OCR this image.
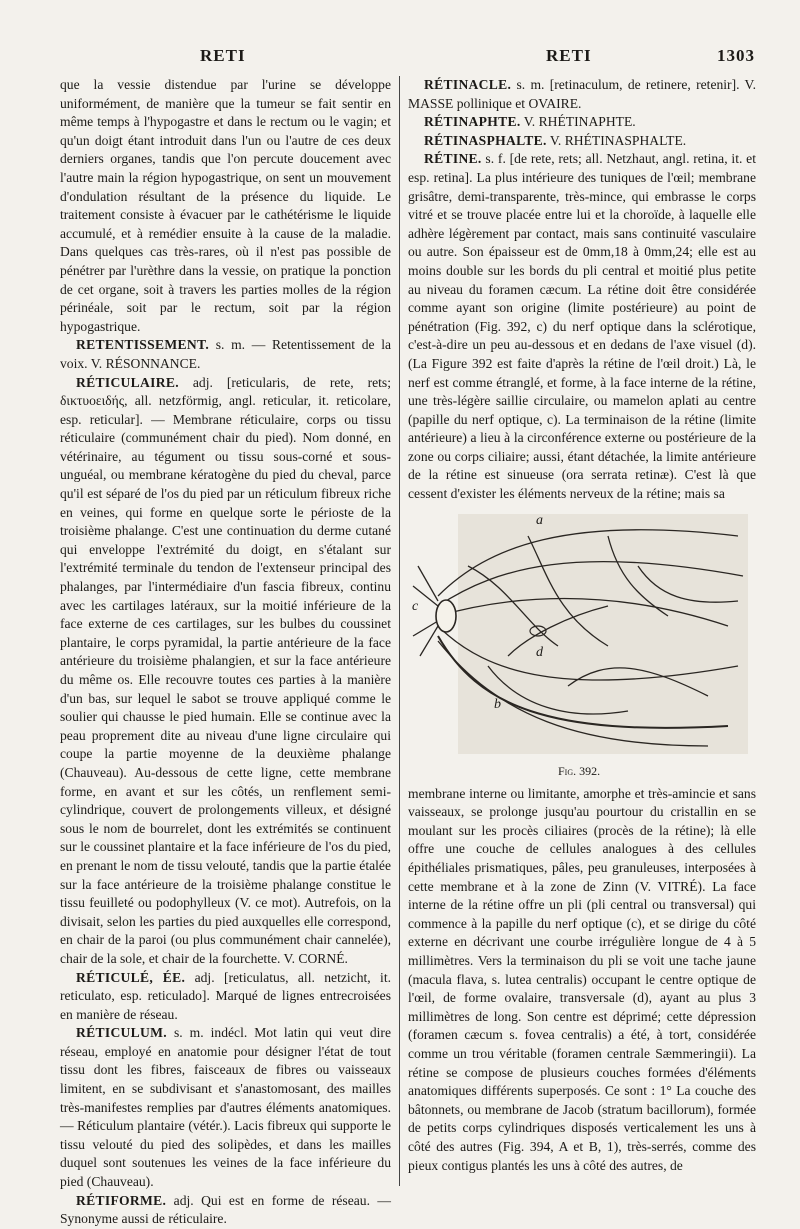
RETI	RETI	1303

que la vessie distendue par l'urine se développe uniformément, de manière que la tumeur se fait sentir en même temps à l'hypogastre et dans le rectum ou le vagin; et qu'un doigt étant introduit dans l'un ou l'autre de ces deux derniers organes, tandis que l'on percute doucement avec l'autre main la région hypogastrique, on sent un mouvement d'ondulation résultant de la présence du liquide. Le traitement consiste à évacuer par le cathétérisme le liquide accumulé, et à remédier ensuite à la cause de la maladie. Dans quelques cas très-rares, où il n'est pas possible de pénétrer par l'urèthre dans la vessie, on pratique la ponction de cet organe, soit à travers les parties molles de la région périnéale, soit par le rectum, soit par la région hypogastrique.

RETENTISSEMENT. s. m. — Retentissement de la voix. V. RÉSONNANCE.

RÉTICULAIRE. adj. [reticularis, de rete, rets; δικτυοειδής, all. netzförmig, angl. reticular, it. reticolare, esp. reticular]. — Membrane réticulaire, corps ou tissu réticulaire (communément chair du pied). Nom donné, en vétérinaire, au tégument ou tissu sous-corné et sous-unguéal, ou membrane kératogène du pied du cheval, parce qu'il est séparé de l'os du pied par un réticulum fibreux riche en veines, qui forme en quelque sorte le périoste de la troisième phalange. C'est une continuation du derme cutané qui enveloppe l'extrémité du doigt, en s'étalant sur l'extrémité terminale du tendon de l'extenseur principal des phalanges, par l'intermédiaire d'un fascia fibreux, continu avec les cartilages latéraux, sur la moitié inférieure de la face externe de ces cartilages, sur les bulbes du coussinet plantaire, le corps pyramidal, la partie antérieure de la face antérieure du troisième phalangien, et sur la face antérieure du même os. Elle recouvre toutes ces parties à la manière d'un bas, sur lequel le sabot se trouve appliqué comme le soulier qui chausse le pied humain. Elle se continue avec la peau proprement dite au niveau d'une ligne circulaire qui coupe la partie moyenne de la deuxième phalange (Chauveau). Au-dessous de cette ligne, cette membrane forme, en avant et sur les côtés, un renflement semi-cylindrique, couvert de prolongements villeux, et désigné sous le nom de bourrelet, dont les extrémités se continuent sur le coussinet plantaire et la face inférieure de l'os du pied, en prenant le nom de tissu velouté, tandis que la partie étalée sur la face antérieure de la troisième phalange constitue le tissu feuilleté ou podophylleux (V. ce mot). Autrefois, on la divisait, selon les parties du pied auxquelles elle correspond, en chair de la paroi (ou plus communément chair cannelée), chair de la sole, et chair de la fourchette. V. CORNÉ.

RÉTICULÉ, ÉE. adj. [reticulatus, all. netzicht, it. reticulato, esp. reticulado]. Marqué de lignes entrecroisées en manière de réseau.

RÉTICULUM. s. m. indécl. Mot latin qui veut dire réseau, employé en anatomie pour désigner l'état de tout tissu dont les fibres, faisceaux de fibres ou vaisseaux limitent, en se subdivisant et s'anastomosant, des mailles très-manifestes remplies par d'autres éléments anatomiques. — Réticulum plantaire (vétér.). Lacis fibreux qui supporte le tissu velouté du pied des solipèdes, et dans les mailles duquel sont soutenues les veines de la face inférieure du pied (Chauveau).

RÉTIFORME. adj. Qui est en forme de réseau. — Synonyme aussi de réticulaire.

RÉTINACLE. s. m. [retinaculum, de retinere, retenir]. V. MASSE pollinique et OVAIRE.

RÉTINAPHTE. V. RHÉTINAPHTE.

RÉTINASPHALTE. V. RHÉTINASPHALTE.

RÉTINE. s. f. [de rete, rets; all. Netzhaut, angl. retina, it. et esp. retina]. La plus intérieure des tuniques de l'œil; membrane grisâtre, demi-transparente, très-mince, qui embrasse le corps vitré et se trouve placée entre lui et la choroïde, à laquelle elle adhère légèrement par contact, mais sans continuité vasculaire ou autre. Son épaisseur est de 0mm,18 à 0mm,24; elle est au moins double sur les bords du pli central et moitié plus petite au niveau du foramen cæcum. La rétine doit être considérée comme ayant son origine (limite postérieure) au point de pénétration (Fig. 392, c) du nerf optique dans la sclérotique, c'est-à-dire un peu au-dessous et en dedans de l'axe visuel (d). (La Figure 392 est faite d'après la rétine de l'œil droit.) Là, le nerf est comme étranglé, et forme, à la face interne de la rétine, une très-légère saillie circulaire, ou mamelon aplati au centre (papille du nerf optique, c). La terminaison de la rétine (limite antérieure) a lieu à la circonférence externe ou postérieure de la zone ou corps ciliaire; aussi, étant détachée, la limite antérieure de la rétine est sinueuse (ora serrata retinæ). C'est là que cessent d'exister les éléments nerveux de la rétine; mais sa

a
b
c
d
Fig. 392.

membrane interne ou limitante, amorphe et très-amincie et sans vaisseaux, se prolonge jusqu'au pourtour du cristallin en se moulant sur les procès ciliaires (procès de la rétine); là elle offre une couche de cellules analogues à des cellules épithéliales prismatiques, pâles, peu granuleuses, interposées à cette membrane et à la zone de Zinn (V. VITRÉ). La face interne de la rétine offre un pli (pli central ou transversal) qui commence à la papille du nerf optique (c), et se dirige du côté externe en décrivant une courbe irrégulière longue de 4 à 5 millimètres. Vers la terminaison du pli se voit une tache jaune (macula flava, s. lutea centralis) occupant le centre optique de l'œil, de forme ovalaire, transversale (d), ayant au plus 3 millimètres de long. Son centre est déprimé; cette dépression (foramen cæcum s. fovea centralis) a été, à tort, considérée comme un trou véritable (foramen centrale Sæmmeringii). La rétine se compose de plusieurs couches formées d'éléments anatomiques différents superposés. Ce sont : 1° La couche des bâtonnets, ou membrane de Jacob (stratum bacillorum), formée de petits corps cylindriques disposés verticalement les uns à côté des autres (Fig. 394, A et B, 1), très-serrés, comme des pieux contigus plantés les uns à côté des autres, de
